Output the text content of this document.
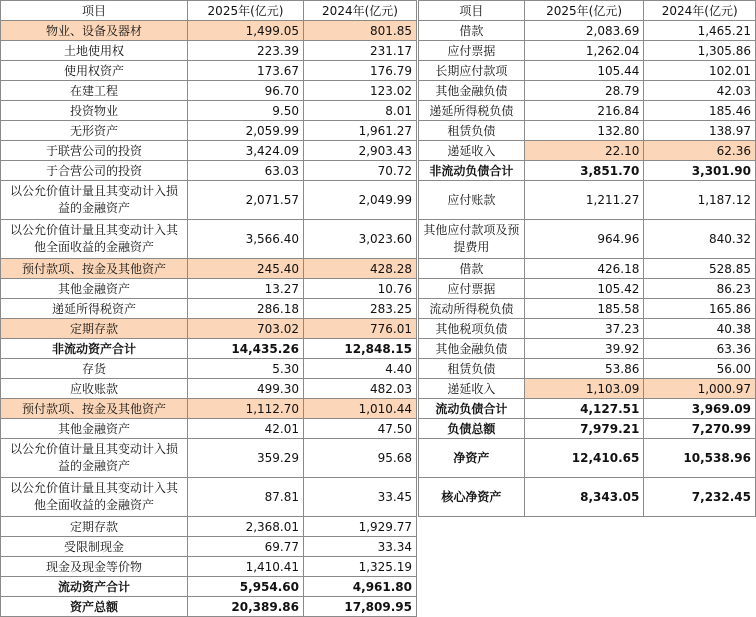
项目	2025年(亿元)	2024年(亿元)
物业、设备及器材	1,499.05	801.85
土地使用权	223.39	231.17
使用权资产	173.67	176.79
在建工程	96.70	123.02
投资物业	9.50	8.01
无形资产	2,059.99	1,961.27
于联营公司的投资	3,424.09	2,903.43
于合营公司的投资	63.03	70.72
以公允价值计量且其变动计入损益的金融资产	2,071.57	2,049.99
以公允价值计量且其变动计入其他全面收益的金融资产	3,566.40	3,023.60
预付款项、按金及其他资产	245.40	428.28
其他金融资产	13.27	10.76
递延所得税资产	286.18	283.25
定期存款	703.02	776.01
非流动资产合计	14,435.26	12,848.15
存货	5.30	4.40
应收账款	499.30	482.03
预付款项、按金及其他资产	1,112.70	1,010.44
其他金融资产	42.01	47.50
以公允价值计量且其变动计入损益的金融资产	359.29	95.68
以公允价值计量且其变动计入其他全面收益的金融资产	87.81	33.45
定期存款	2,368.01	1,929.77
受限制现金	69.77	33.34
现金及现金等价物	1,410.41	1,325.19
流动资产合计	5,954.60	4,961.80
资产总额	20,389.86	17,809.95
项目	2025年(亿元)	2024年(亿元)
借款	2,083.69	1,465.21
应付票据	1,262.04	1,305.86
长期应付款项	105.44	102.01
其他金融负债	28.79	42.03
递延所得税负债	216.84	185.46
租赁负债	132.80	138.97
递延收入	22.10	62.36
非流动负债合计	3,851.70	3,301.90
应付账款	1,211.27	1,187.12
其他应付款项及预提费用	964.96	840.32
借款	426.18	528.85
应付票据	105.42	86.23
流动所得税负债	185.58	165.86
其他税项负债	37.23	40.38
其他金融负债	39.92	63.36
租赁负债	53.86	56.00
递延收入	1,103.09	1,000.97
流动负债合计	4,127.51	3,969.09
负债总额	7,979.21	7,270.99
净资产	12,410.65	10,538.96
核心净资产	8,343.05	7,232.45
